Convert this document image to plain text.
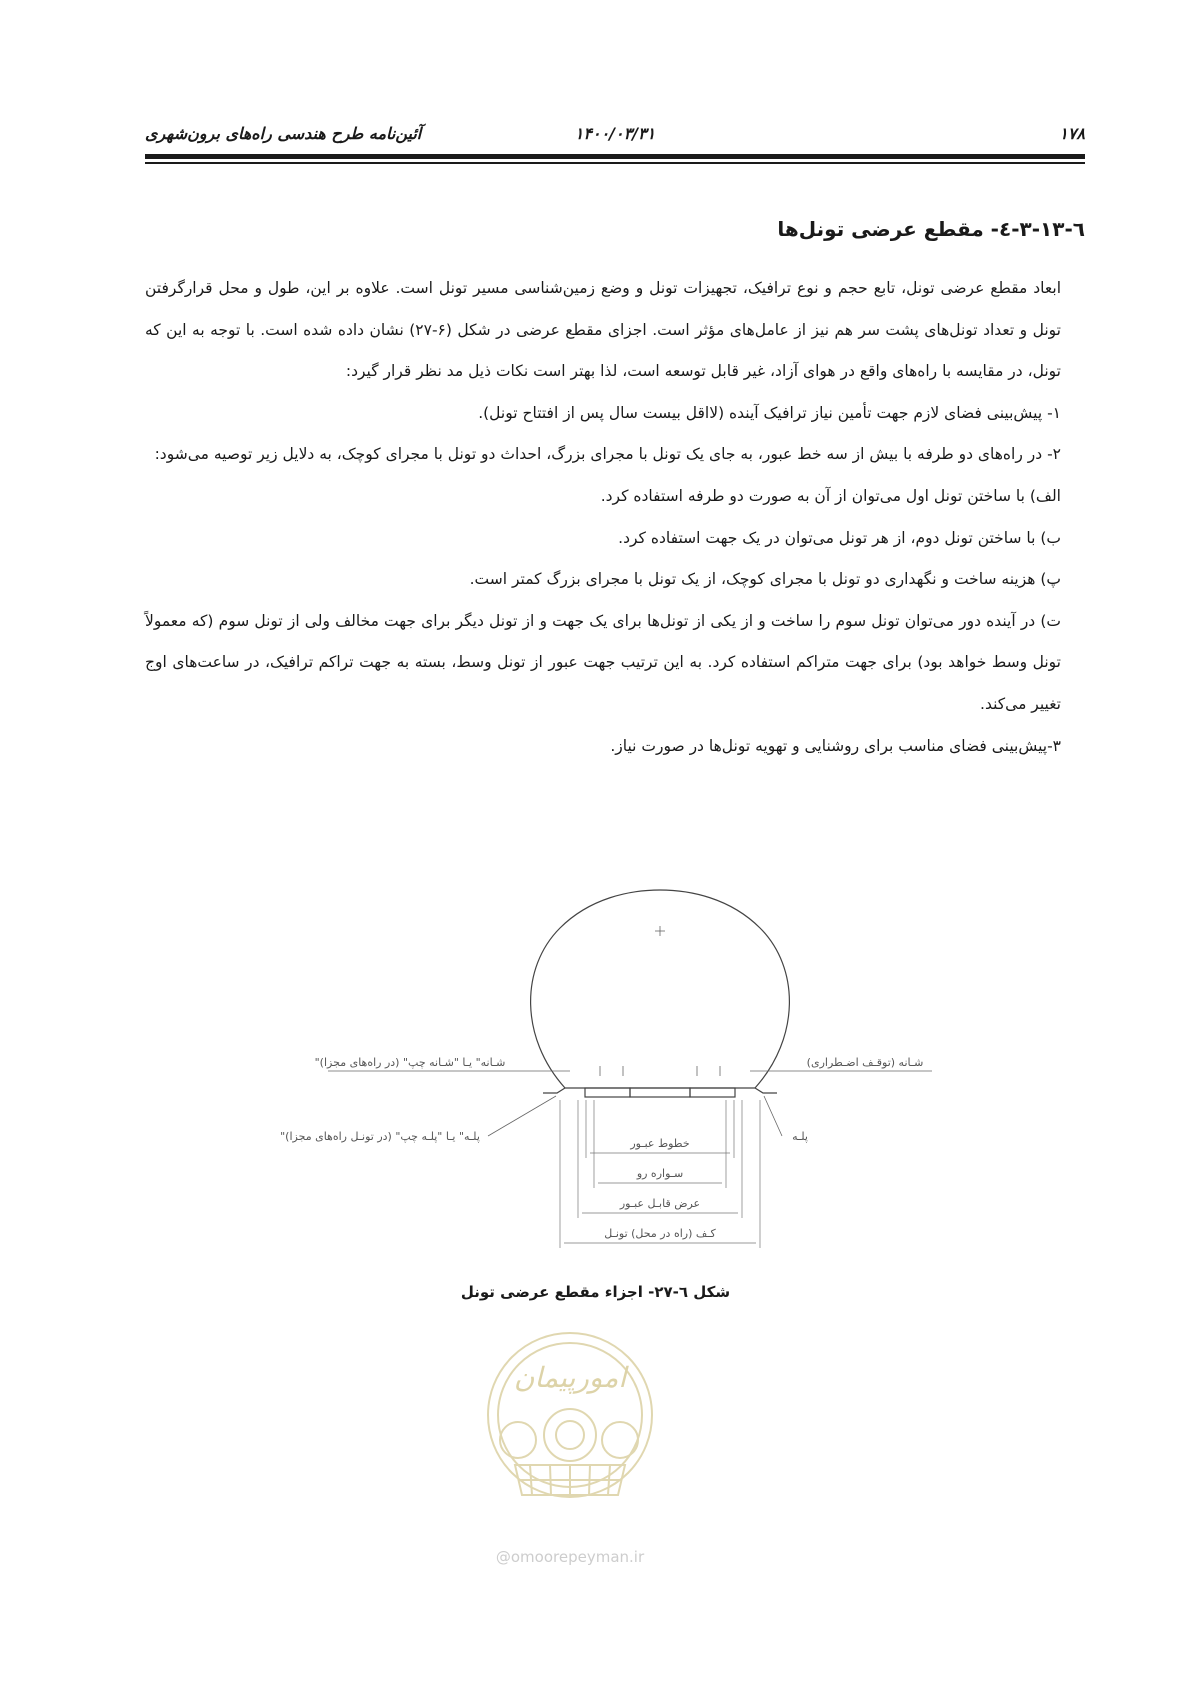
۱۷۸
۱۴۰۰/۰۳/۳۱
آئین‌نامه طرح هندسی راه‌های برون‌شهری
٦-١٣-٣-٤- مقطع عرضی تونل‌ها

ابعاد مقطع عرضی تونل، تابع حجم و نوع ترافیک، تجهیزات تونل و وضع زمین‌شناسی مسیر تونل است. علاوه بر این، طول و محل قرارگرفتن تونل و تعداد تونل‌های پشت سر هم نیز از عامل‌های مؤثر است. اجزای مقطع عرضی در شکل (۶-۲۷) نشان داده شده است. با توجه به این که تونل، در مقایسه با راه‌های واقع در هوای آزاد، غیر قابل توسعه است، لذا بهتر است نکات ذیل مد نظر قرار گیرد:

۱- پیش‌بینی فضای لازم جهت تأمین نیاز ترافیک آینده (لااقل بیست سال پس از افتتاح تونل).

۲- در راه‌های دو طرفه با بیش از سه خط عبور، به جای یک تونل با مجرای بزرگ، احداث دو تونل با مجرای کوچک، به دلایل زیر توصیه می‌شود:

الف) با ساختن تونل اول می‌توان از آن به صورت دو طرفه استفاده کرد.

ب) با ساختن تونل دوم، از هر تونل می‌توان در یک جهت استفاده کرد.

پ) هزینه ساخت و نگهداری دو تونل با مجرای کوچک، از یک تونل با مجرای بزرگ کمتر است.

ت) در آینده دور می‌توان تونل سوم را ساخت و از یکی از تونل‌ها برای یک جهت و از تونل دیگر برای جهت مخالف ولی از تونل سوم (که معمولاً تونل وسط خواهد بود) برای جهت متراکم استفاده کرد. به این ترتیب جهت عبور از تونل وسط، بسته به جهت تراکم ترافیک، در ساعت‌های اوج تغییر می‌کند.

۳-پیش‌بینی فضای مناسب برای روشنایی و تهویه تونل‌ها در صورت نیاز.

خطوط عبـور
سـواره رو
عرض قابـل عبـور
کـف (راه در محل) تونـل
"شـانه" یـا "شـانه چپ" (در راه‌های مجزا)	شـانه (توقـف اضـطراری)
"پلـه" یـا "پلـه چپ" (در تونـل راه‌های مجزا)	پلـه
شکل ٦-٢٧- اجزاء مقطع عرضی تونل
امورپیمان
@omoorepeyman.ir
